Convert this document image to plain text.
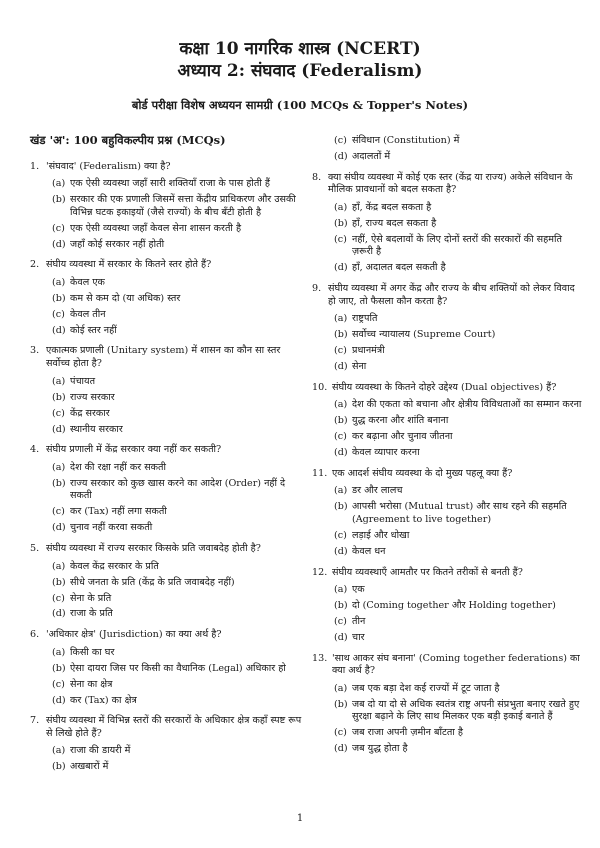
कक्षा 10 नागरिक शास्त्र (NCERT)
अध्याय 2: संघवाद (Federalism)
बोर्ड परीक्षा विशेष अध्ययन सामग्री (100 MCQs & Topper's Notes)
खंड 'अ': 100 बहुविकल्पीय प्रश्न (MCQs)
1. 'संघवाद' (Federalism) क्या है?
(a) एक ऐसी व्यवस्था जहाँ सारी शक्तियाँ राजा के पास होती हैं
(b) सरकार की एक प्रणाली जिसमें सत्ता केंद्रीय प्राधिकरण और उसकी विभिन्न घटक इकाइयों (जैसे राज्यों) के बीच बँटी होती है
(c) एक ऐसी व्यवस्था जहाँ केवल सेना शासन करती है
(d) जहाँ कोई सरकार नहीं होती
2. संघीय व्यवस्था में सरकार के कितने स्तर होते हैं?
(a) केवल एक
(b) कम से कम दो (या अधिक) स्तर
(c) केवल तीन
(d) कोई स्तर नहीं
3. एकात्मक प्रणाली (Unitary system) में शासन का कौन सा स्तर सर्वोच्च होता है?
(a) पंचायत
(b) राज्य सरकार
(c) केंद्र सरकार
(d) स्थानीय सरकार
4. संघीय प्रणाली में केंद्र सरकार क्या नहीं कर सकती?
(a) देश की रक्षा नहीं कर सकती
(b) राज्य सरकार को कुछ खास करने का आदेश (Order) नहीं दे सकती
(c) कर (Tax) नहीं लगा सकती
(d) चुनाव नहीं करवा सकती
5. संघीय व्यवस्था में राज्य सरकार किसके प्रति जवाबदेह होती है?
(a) केवल केंद्र सरकार के प्रति
(b) सीधे जनता के प्रति (केंद्र के प्रति जवाबदेह नहीं)
(c) सेना के प्रति
(d) राजा के प्रति
6. 'अधिकार क्षेत्र' (Jurisdiction) का क्या अर्थ है?
(a) किसी का घर
(b) ऐसा दायरा जिस पर किसी का वैधानिक (Legal) अधिकार हो
(c) सेना का क्षेत्र
(d) कर (Tax) का क्षेत्र
7. संघीय व्यवस्था में विभिन्न स्तरों की सरकारों के अधिकार क्षेत्र कहाँ स्पष्ट रूप से लिखे होते हैं?
(a) राजा की डायरी में
(b) अखबारों में
(c) संविधान (Constitution) में
(d) अदालतों में
8. क्या संघीय व्यवस्था में कोई एक स्तर (केंद्र या राज्य) अकेले संविधान के मौलिक प्रावधानों को बदल सकता है?
(a) हाँ, केंद्र बदल सकता है
(b) हाँ, राज्य बदल सकता है
(c) नहीं, ऐसे बदलावों के लिए दोनों स्तरों की सरकारों की सहमति ज़रूरी है
(d) हाँ, अदालत बदल सकती है
9. संघीय व्यवस्था में अगर केंद्र और राज्य के बीच शक्तियों को लेकर विवाद हो जाए, तो फैसला कौन करता है?
(a) राष्ट्रपति
(b) सर्वोच्च न्यायालय (Supreme Court)
(c) प्रधानमंत्री
(d) सेना
10. संघीय व्यवस्था के कितने दोहरे उद्देश्य (Dual objectives) हैं?
(a) देश की एकता को बचाना और क्षेत्रीय विविधताओं का सम्मान करना
(b) युद्ध करना और शांति बनाना
(c) कर बढ़ाना और चुनाव जीतना
(d) केवल व्यापार करना
11. एक आदर्श संघीय व्यवस्था के दो मुख्य पहलू क्या हैं?
(a) डर और लालच
(b) आपसी भरोसा (Mutual trust) और साथ रहने की सहमति (Agreement to live together)
(c) लड़ाई और धोखा
(d) केवल धन
12. संघीय व्यवस्थाएँ आमतौर पर कितने तरीकों से बनती हैं?
(a) एक
(b) दो (Coming together और Holding together)
(c) तीन
(d) चार
13. 'साथ आकर संघ बनाना' (Coming together federations) का क्या अर्थ है?
(a) जब एक बड़ा देश कई राज्यों में टूट जाता है
(b) जब दो या दो से अधिक स्वतंत्र राष्ट्र अपनी संप्रभुता बनाए रखते हुए सुरक्षा बढ़ाने के लिए साथ मिलकर एक बड़ी इकाई बनाते हैं
(c) जब राजा अपनी ज़मीन बाँटता है
(d) जब युद्ध होता है
1
